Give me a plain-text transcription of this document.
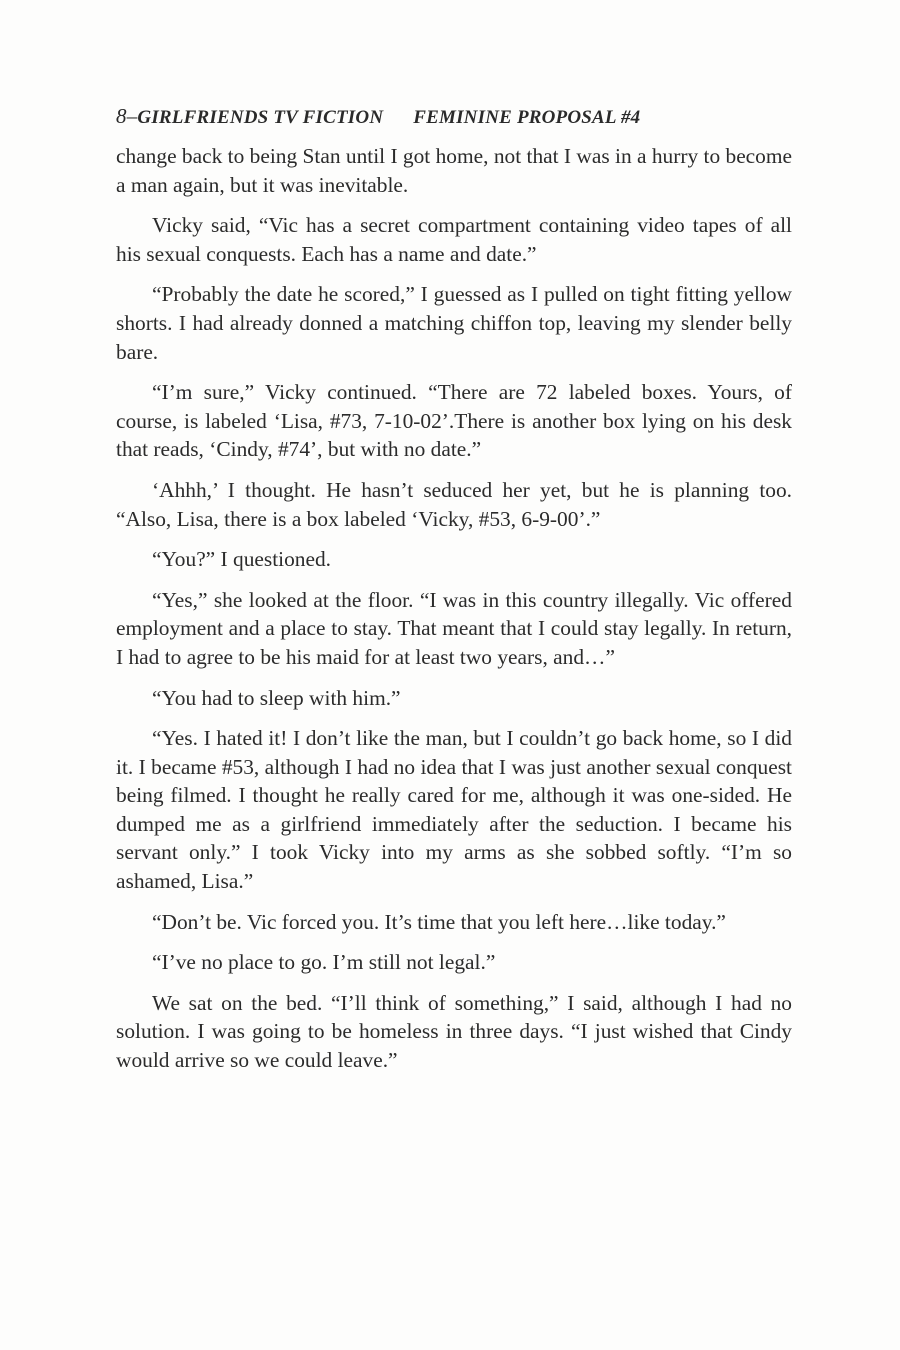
8–GIRLFRIENDS TV FICTION FEMININE PROPOSAL #4

change back to being Stan until I got home, not that I was in a hurry to become a man again, but it was inevitable.

Vicky said, “Vic has a secret compartment containing video tapes of all his sexual conquests. Each has a name and date.”

“Probably the date he scored,” I guessed as I pulled on tight fitting yellow shorts. I had already donned a matching chiffon top, leaving my slender belly bare.

“I’m sure,” Vicky continued. “There are 72 labeled boxes. Yours, of course, is labeled ‘Lisa, #73, 7-10-02’.There is another box lying on his desk that reads, ‘Cindy, #74’, but with no date.”

‘Ahhh,’ I thought. He hasn’t seduced her yet, but he is planning too. “Also, Lisa, there is a box labeled ‘Vicky, #53, 6-9-00’.”

“You?” I questioned.

“Yes,” she looked at the floor. “I was in this country illegally. Vic offered employment and a place to stay. That meant that I could stay legally. In return, I had to agree to be his maid for at least two years, and…”

“You had to sleep with him.”

“Yes. I hated it! I don’t like the man, but I couldn’t go back home, so I did it. I became #53, although I had no idea that I was just another sexual conquest being filmed. I thought he really cared for me, although it was one-sided. He dumped me as a girlfriend immediately after the seduction. I became his servant only.” I took Vicky into my arms as she sobbed softly. “I’m so ashamed, Lisa.”

“Don’t be. Vic forced you. It’s time that you left here…like today.”

“I’ve no place to go. I’m still not legal.”

We sat on the bed. “I’ll think of something,” I said, although I had no solution. I was going to be homeless in three days. “I just wished that Cindy would arrive so we could leave.”
